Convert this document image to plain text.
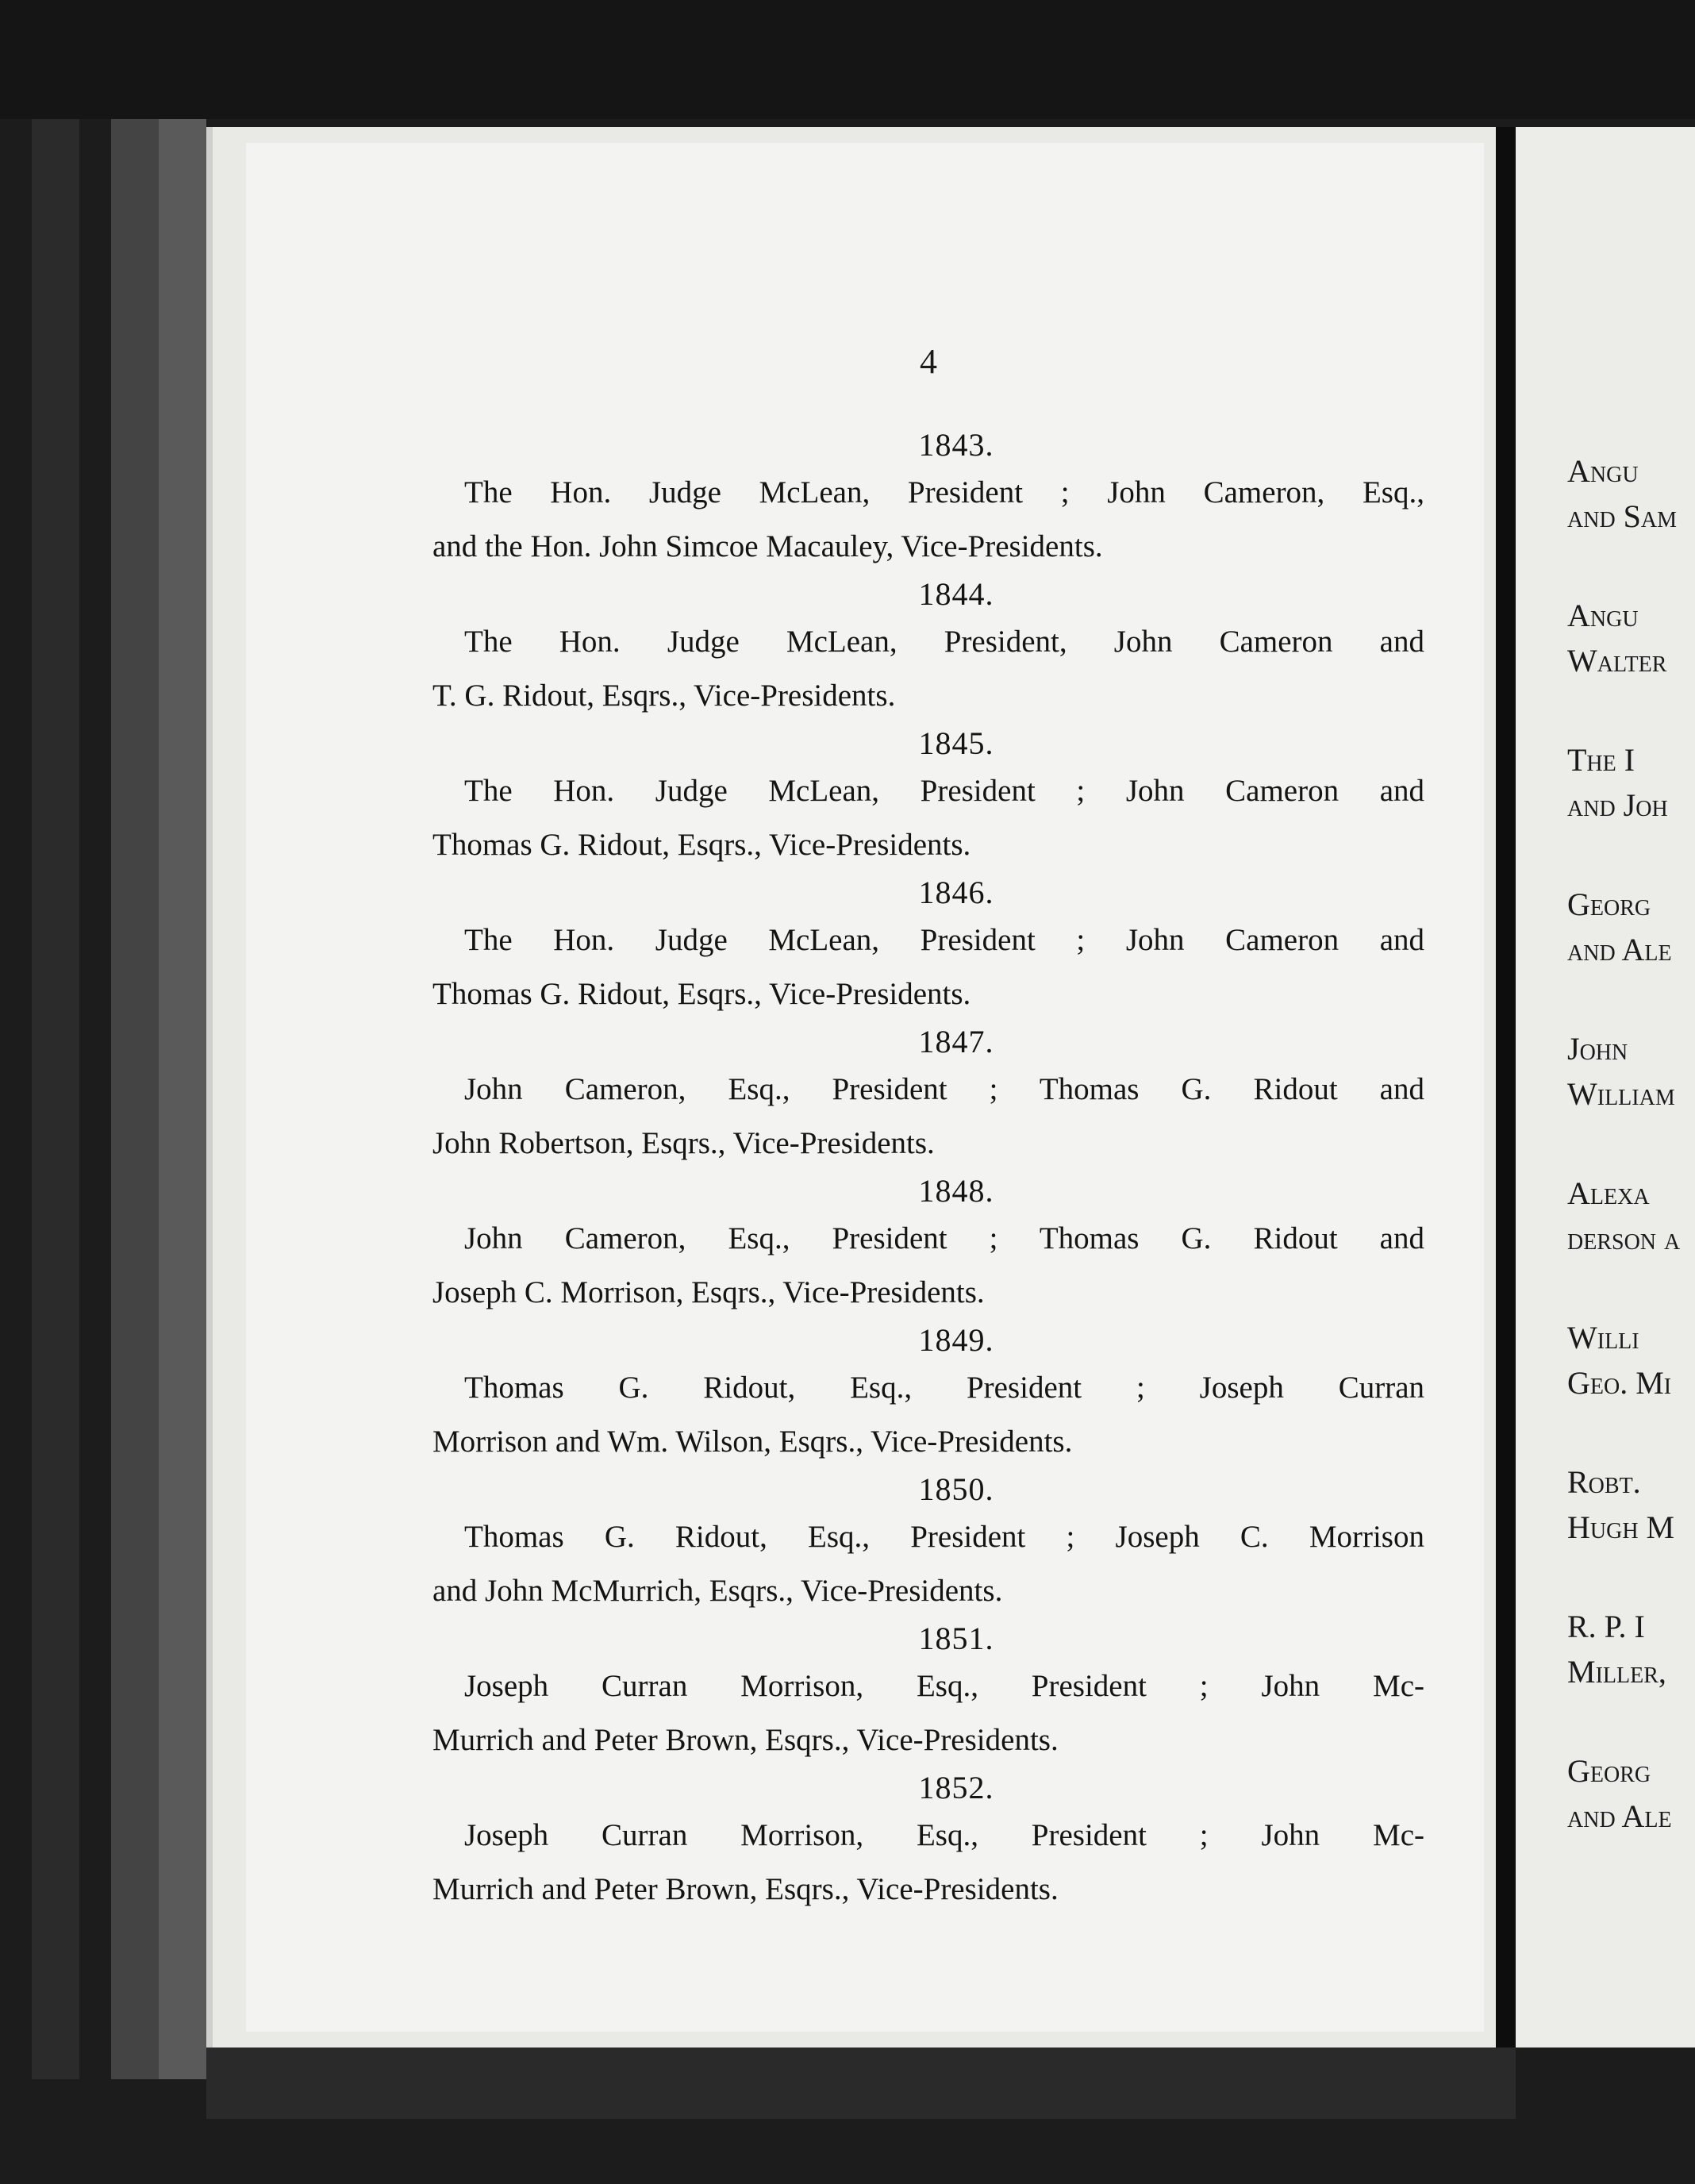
4
1843.
The Hon. Judge McLean, President ; John Cameron, Esq.,
and the Hon. John Simcoe Macauley, Vice-Presidents.
1844.
The Hon. Judge McLean, President, John Cameron and
T. G. Ridout, Esqrs., Vice-Presidents.
1845.
The Hon. Judge McLean, President ; John Cameron and
Thomas G. Ridout, Esqrs., Vice-Presidents.
1846.
The Hon. Judge McLean, President ; John Cameron and
Thomas G. Ridout, Esqrs., Vice-Presidents.
1847.
John Cameron, Esq., President ; Thomas G. Ridout and
John Robertson, Esqrs., Vice-Presidents.
1848.
John Cameron, Esq., President ; Thomas G. Ridout and
Joseph C. Morrison, Esqrs., Vice-Presidents.
1849.
Thomas G. Ridout, Esq., President ; Joseph Curran
Morrison and Wm. Wilson, Esqrs., Vice-Presidents.
1850.
Thomas G. Ridout, Esq., President ; Joseph C. Morrison
and John McMurrich, Esqrs., Vice-Presidents.
1851.
Joseph Curran Morrison, Esq., President ; John Mc-
Murrich and Peter Brown, Esqrs., Vice-Presidents.
1852.
Joseph Curran Morrison, Esq., President ; John Mc-
Murrich and Peter Brown, Esqrs., Vice-Presidents.
Angu
and Sam
Angu
Walter
The I
and Joh
Georg
and Ale
John
William
Alexa
derson a
Willi
Geo. Mi
Robt.
Hugh M
R. P. I
Miller,
Georg
and Ale
